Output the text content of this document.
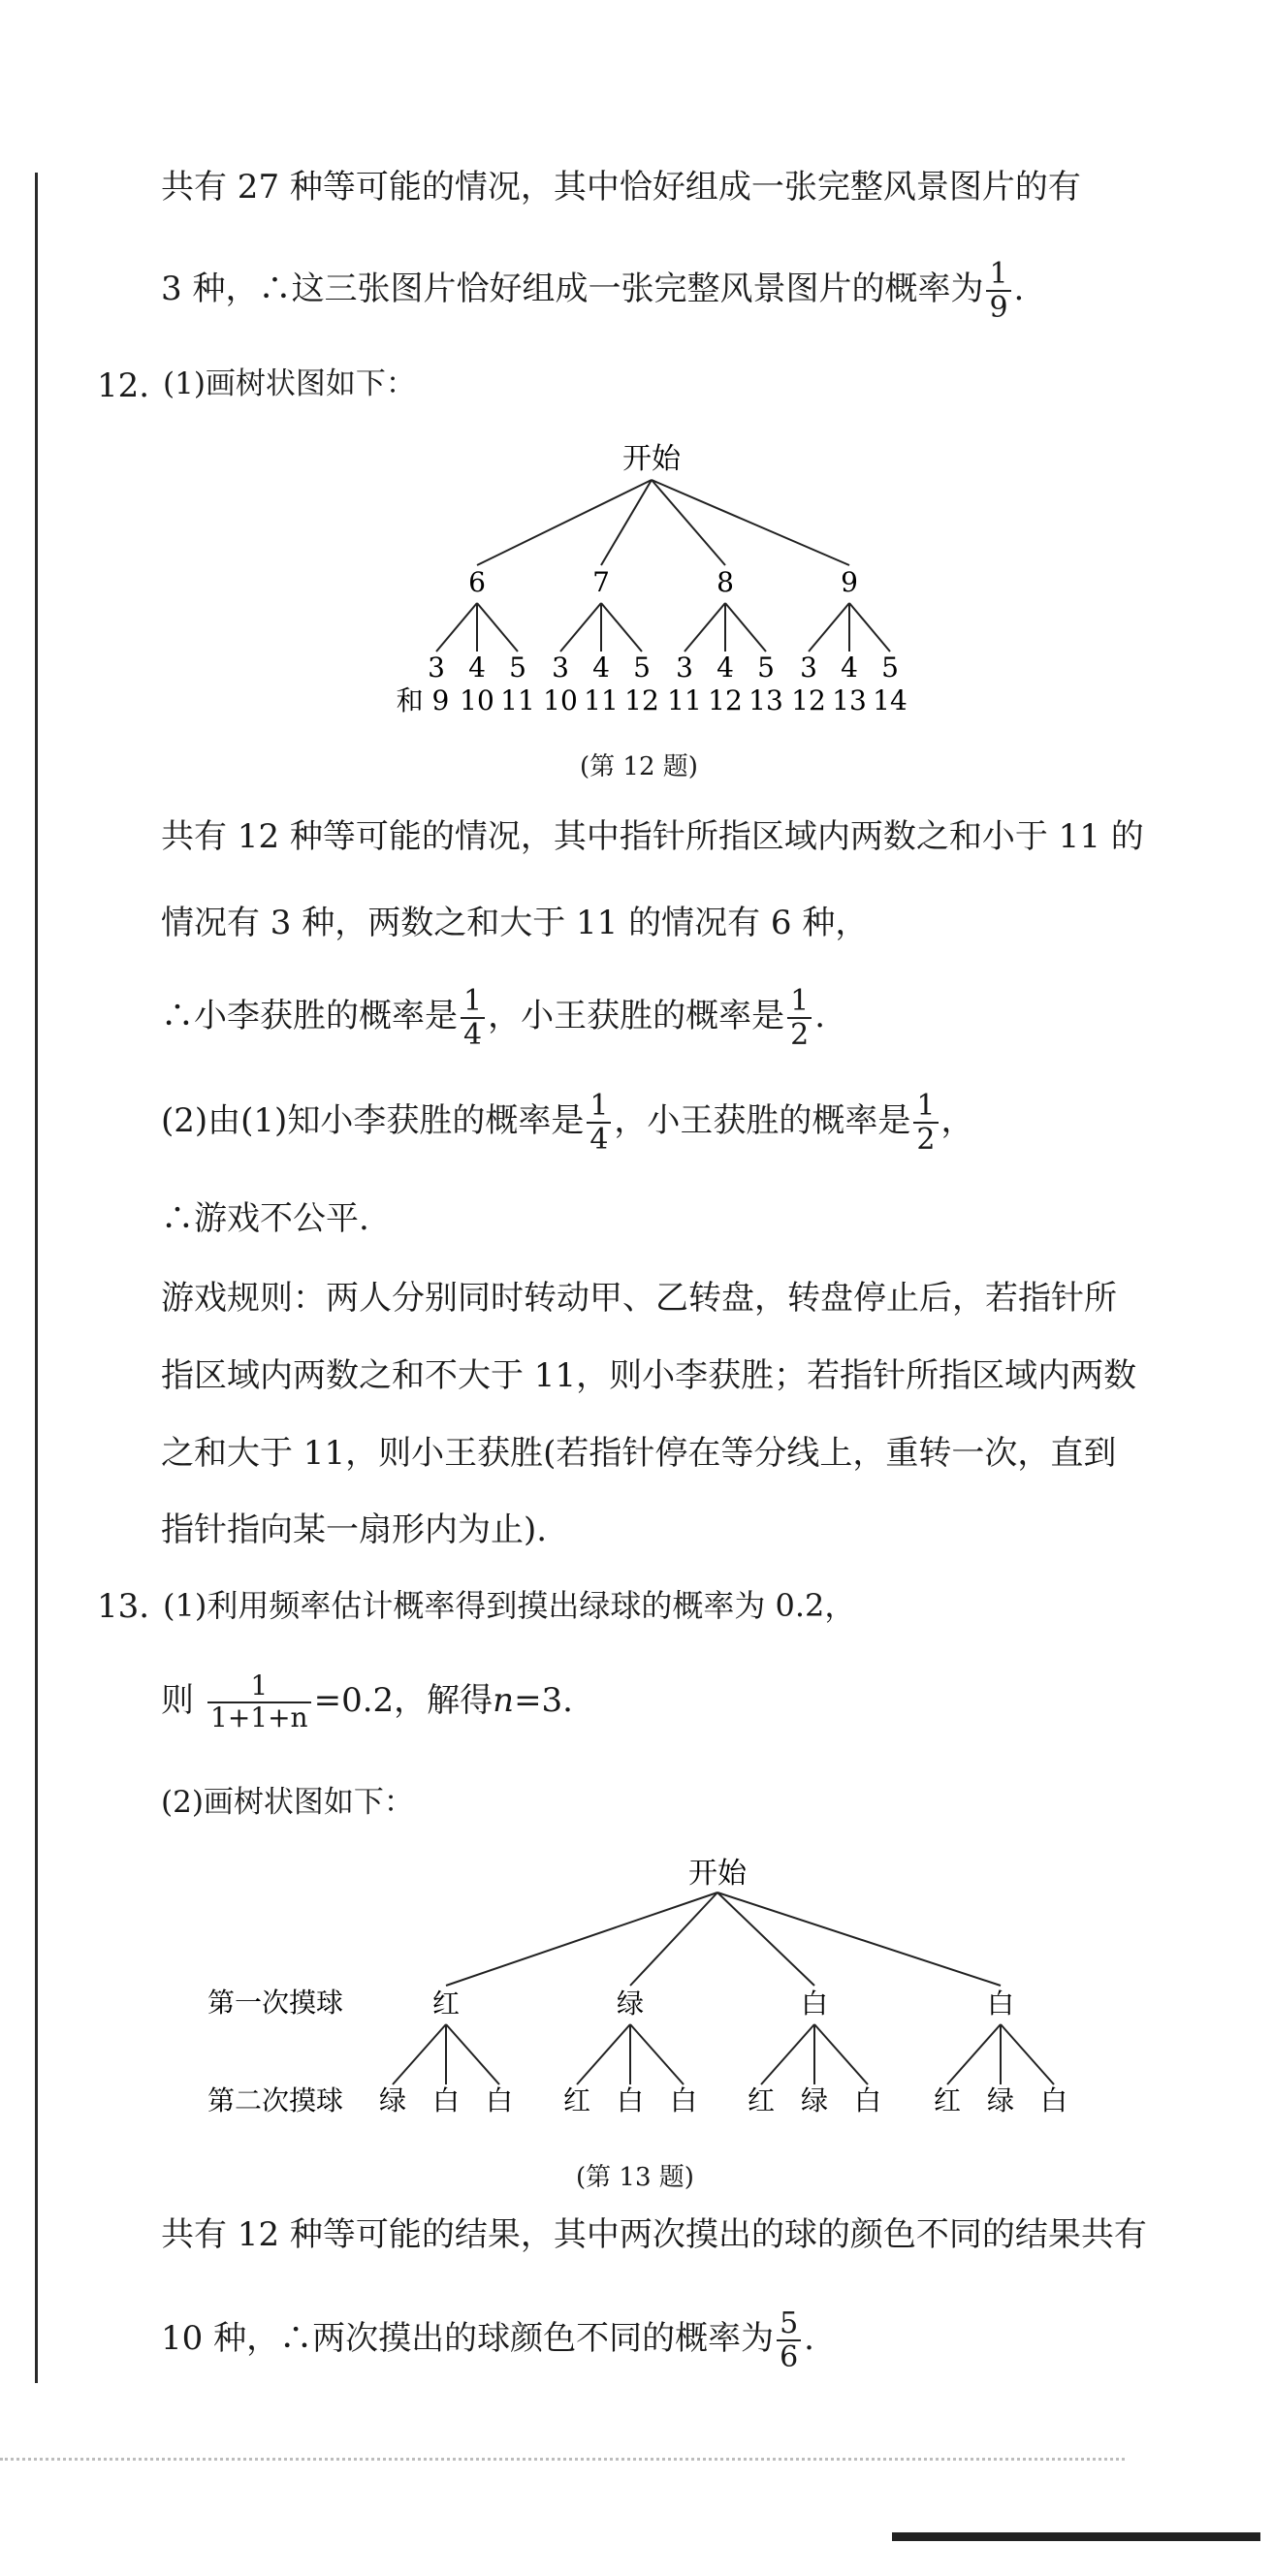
共有 27 种等可能的情况，其中恰好组成一张完整风景图片的有
3 种，∴这三张图片恰好组成一张完整风景图片的概率为 $\frac{1}{9}$ .
12. (1)画树状图如下：
开始
6
3
和 9
4
10
5
11
7
3
10
4
11
5
12
8
3
11
4
12
5
13
9
3
12
4
13
5
14
(第 12 题)
共有 12 种等可能的情况，其中指针所指区域内两数之和小于 11 的
情况有 3 种，两数之和大于 11 的情况有 6 种，
∴小李获胜的概率是 $\frac{1}{4}$ ，小王获胜的概率是 $\frac{1}{2}$ .
(2)由(1)知小李获胜的概率是 $\frac{1}{4}$ ，小王获胜的概率是 $\frac{1}{2}$ ，
∴游戏不公平.
游戏规则：两人分别同时转动甲、乙转盘，转盘停止后，若指针所
指区域内两数之和不大于 11，则小李获胜；若指针所指区域内两数
之和大于 11，则小王获胜(若指针停在等分线上，重转一次，直到
指针指向某一扇形内为止).
13. (1)利用频率估计概率得到摸出绿球的概率为 0.2，
则 $\frac{1}{1+1+n} =0.2$，解得n=3.
(2)画树状图如下：
开始
第一次摸球
第二次摸球
红
绿 白 白
绿
红 白 白
白
红 绿 白
白
红 绿 白
(第 13 题)
共有 12 种等可能的结果，其中两次摸出的球的颜色不同的结果共有
10 种，∴两次摸出的球颜色不同的概率为 $\frac{5}{6}$ .
